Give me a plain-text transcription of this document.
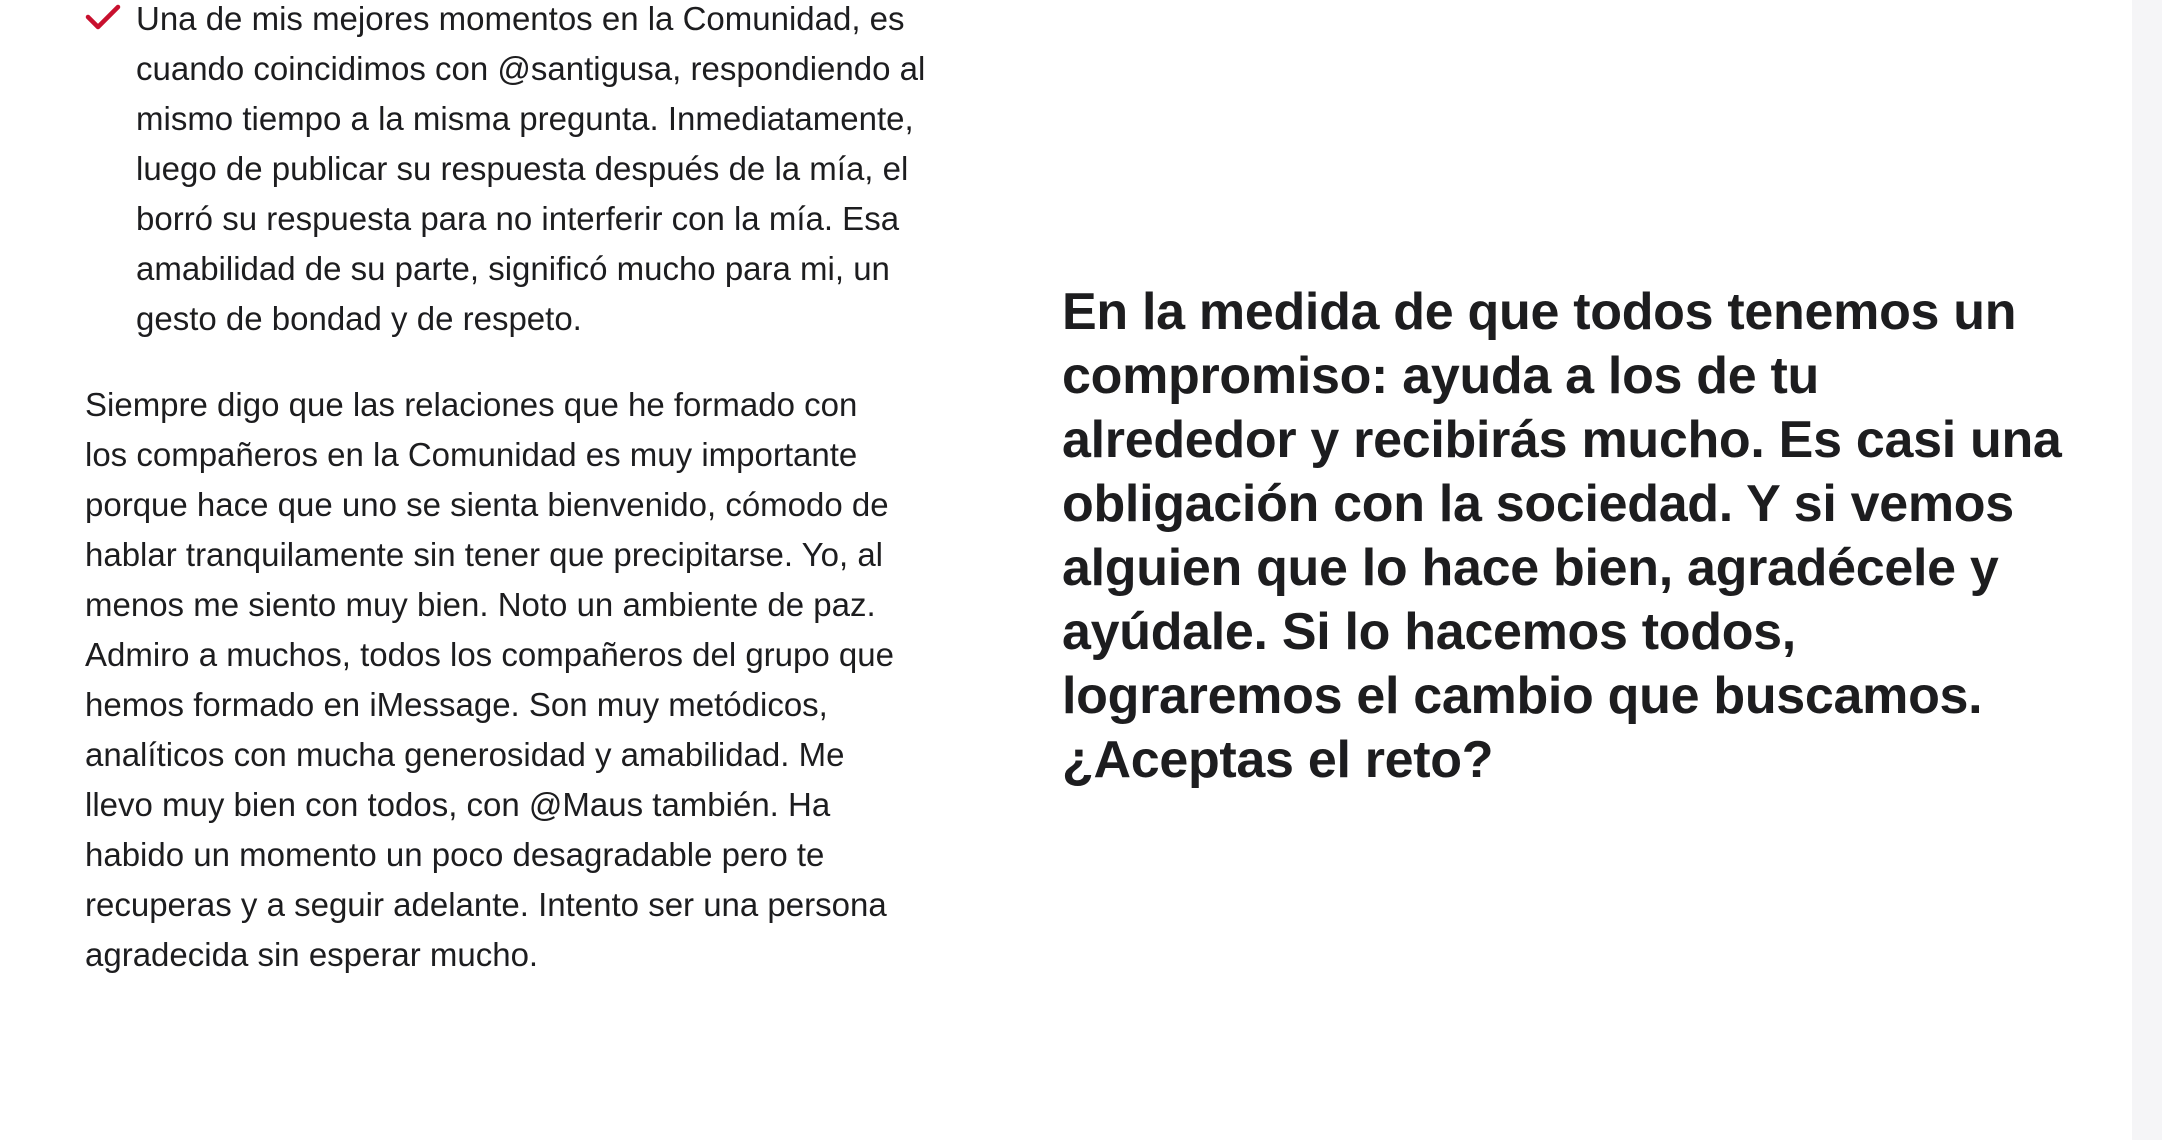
Una de mis mejores momentos en la Comunidad, es cuando coincidimos con @santigusa, respondiendo al mismo tiempo a la misma pregunta. Inmediatamente, luego de publicar su respuesta después de la mía, el borró su respuesta para no interferir con la mía. Esa amabilidad de su parte, significó mucho para mi, un gesto de bondad y de respeto.

Siempre digo que las relaciones que he formado con los compañeros en la Comunidad es muy importante porque hace que uno se sienta bienvenido, cómodo de hablar tranquilamente sin tener que precipitarse. Yo, al menos me siento muy bien. Noto un ambiente de paz. Admiro a muchos, todos los compañeros del grupo que hemos formado en iMessage. Son muy metódicos, analíticos con mucha generosidad y amabilidad. Me llevo muy bien con todos, con @Maus también. Ha habido un momento un poco desagradable pero te recuperas y a seguir adelante. Intento ser una persona agradecida sin esperar mucho.

En la medida de que todos tenemos un compromiso: ayuda a los de tu alrededor y recibirás mucho. Es casi una obligación con la sociedad. Y si vemos alguien que lo hace bien, agradécele y ayúdale. Si lo hacemos todos, lograremos el cambio que buscamos. ¿Aceptas el reto?
